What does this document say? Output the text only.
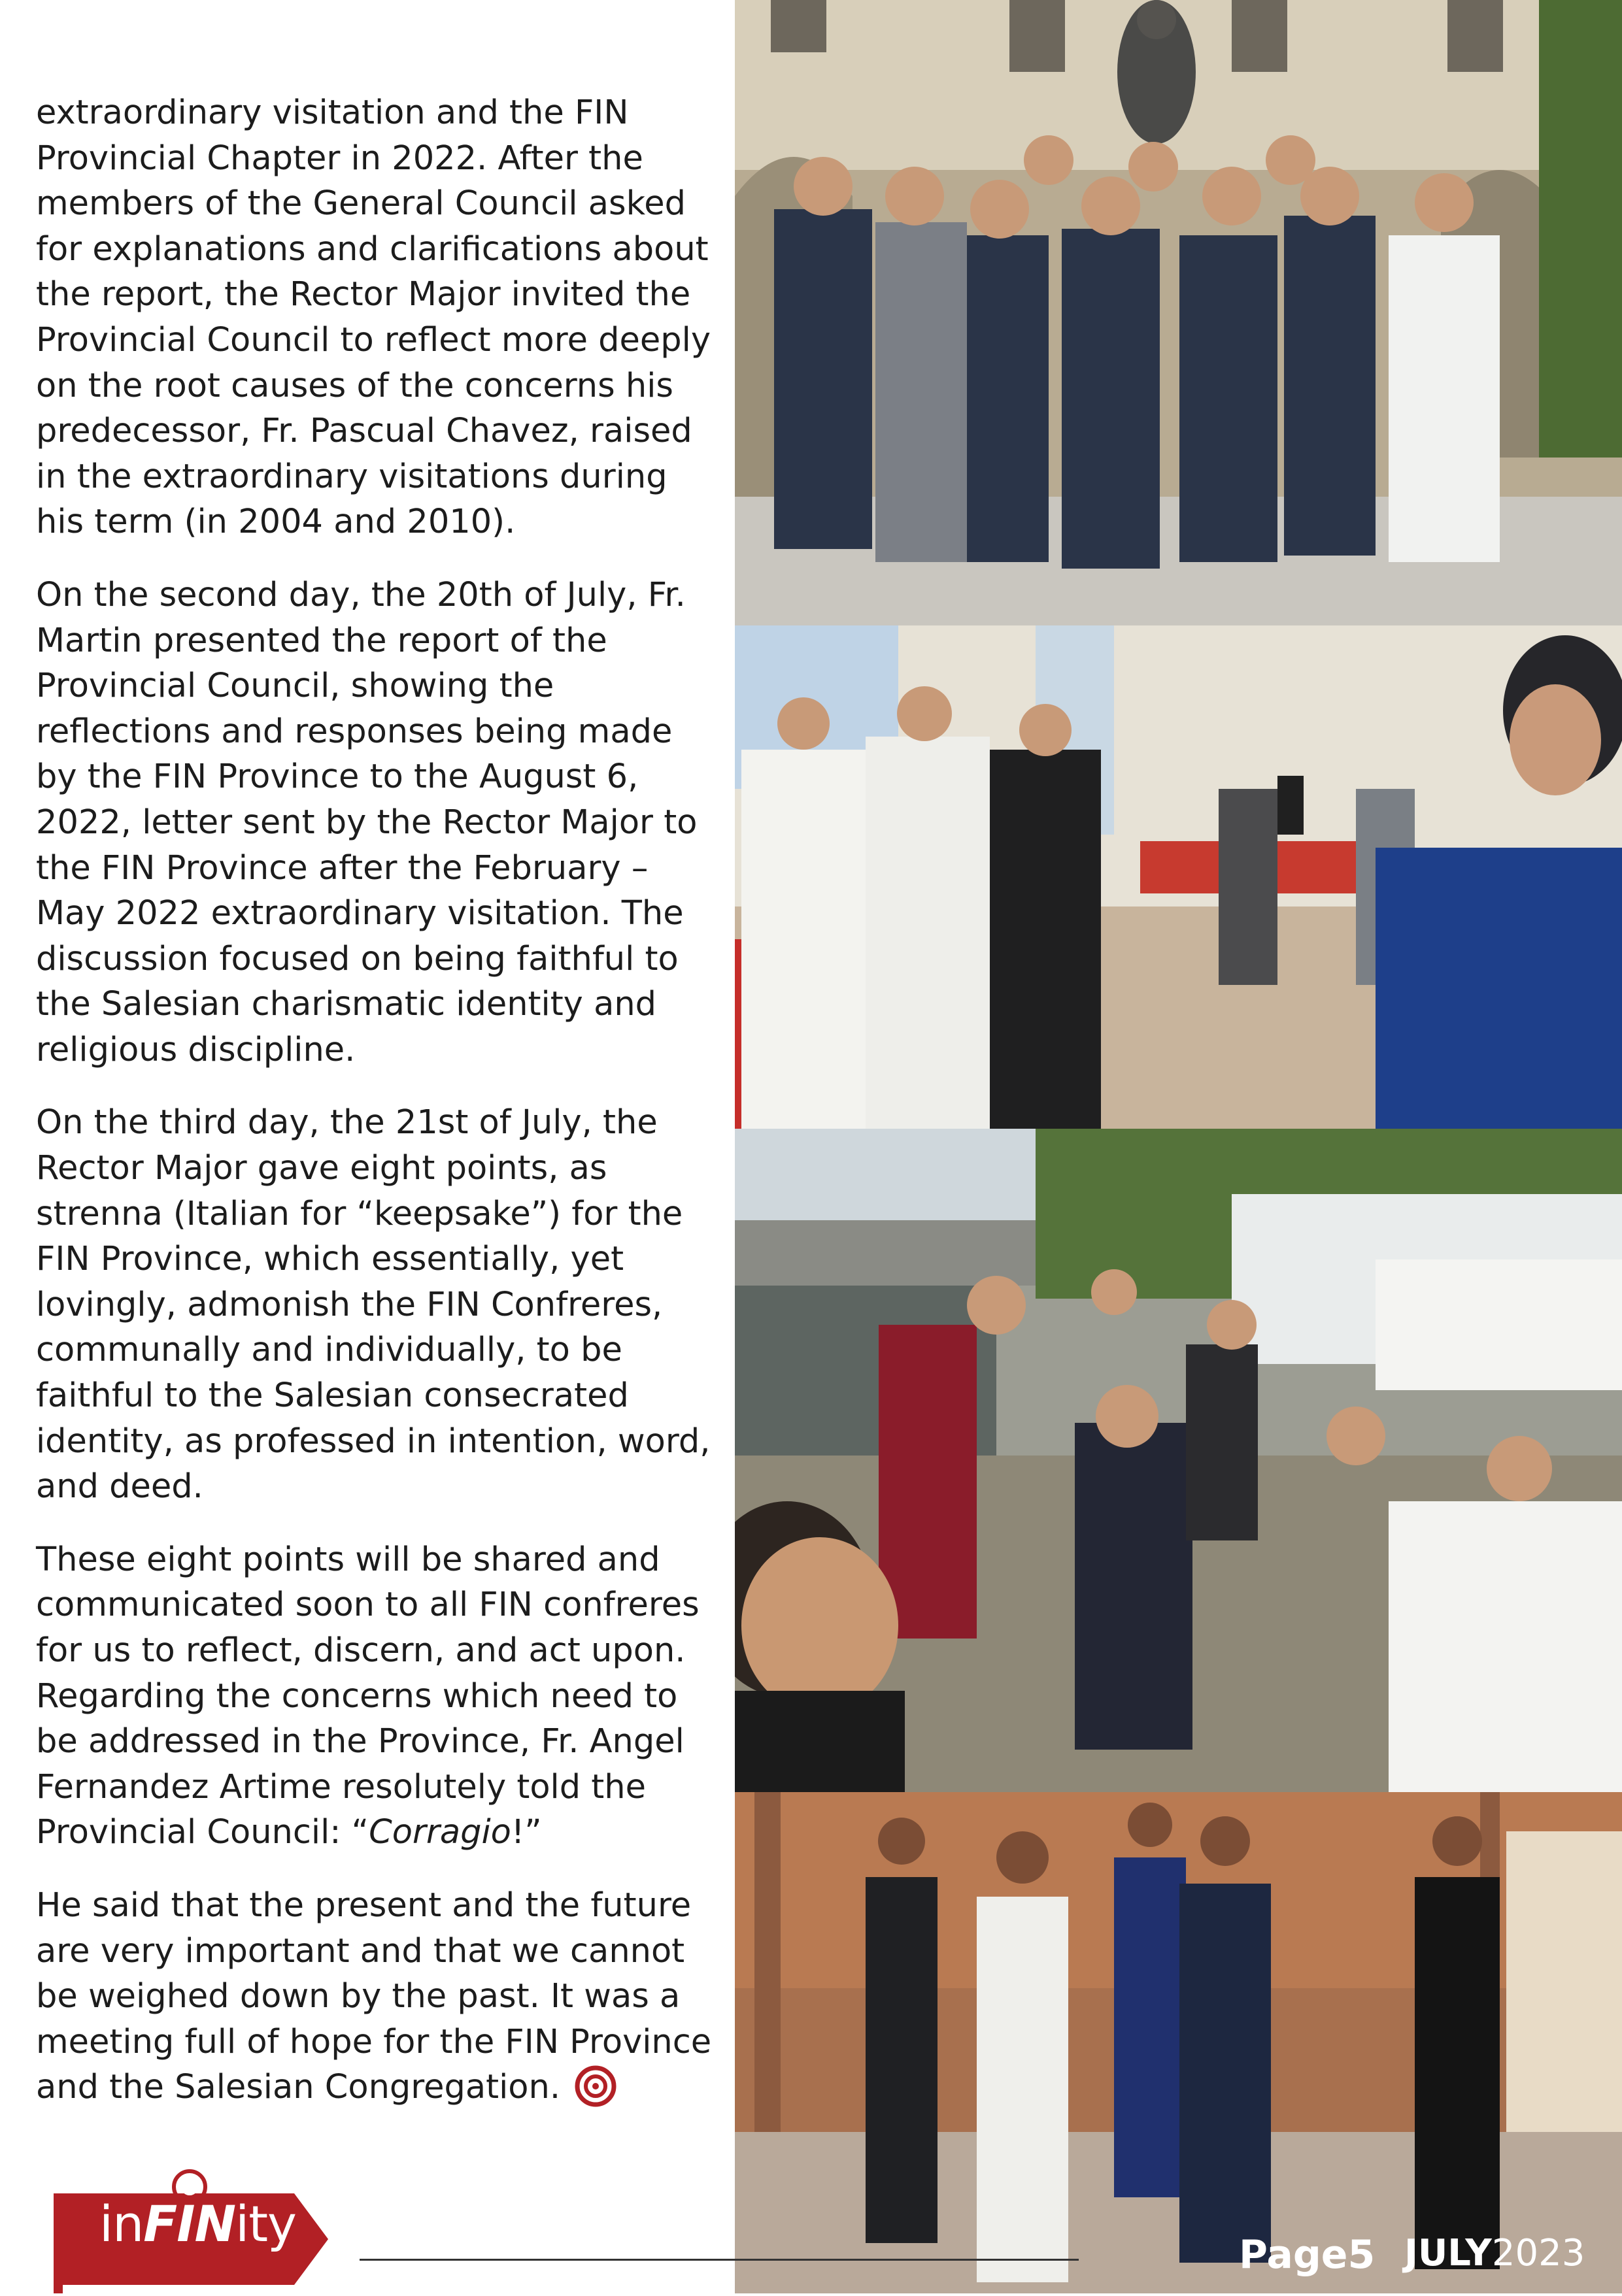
extraordinary visitation and the FIN Provincial Chapter in 2022. After the members of the General Council asked for explanations and clarifications about the report, the Rector Major invited the Provincial Council to reflect more deeply on the root causes of the concerns his predecessor, Fr. Pascual Chavez, raised in the extraordinary visitations during his term (in 2004 and 2010).

On the second day, the 20th of July, Fr. Martin presented the report of the Provincial Council, showing the reflections and responses being made by the FIN Province to the August 6, 2022, letter sent by the Rector Major to the FIN Province after the February – May 2022 extraordinary visitation. The discussion focused on being faithful to the Salesian charismatic identity and religious discipline.

On the third day, the 21st of July, the Rector Major gave eight points, as strenna (Italian for “keepsake”) for the FIN Province, which essentially, yet lovingly, admonish the FIN Confreres, communally and individually, to be faithful to the Salesian consecrated identity, as professed in intention, word, and deed.

These eight points will be shared and communicated soon to all FIN confreres for us to reflect, discern, and act upon. Regarding the concerns which need to be addressed in the Province, Fr. Angel Fernandez Artime resolutely told the Provincial Council: “Corragio!”

He said that the present and the future are very important and that we cannot be weighed down by the past. It was a meeting full of hope for the FIN Province and the Salesian Congregation.

inFINity
Page5 JULY2023
